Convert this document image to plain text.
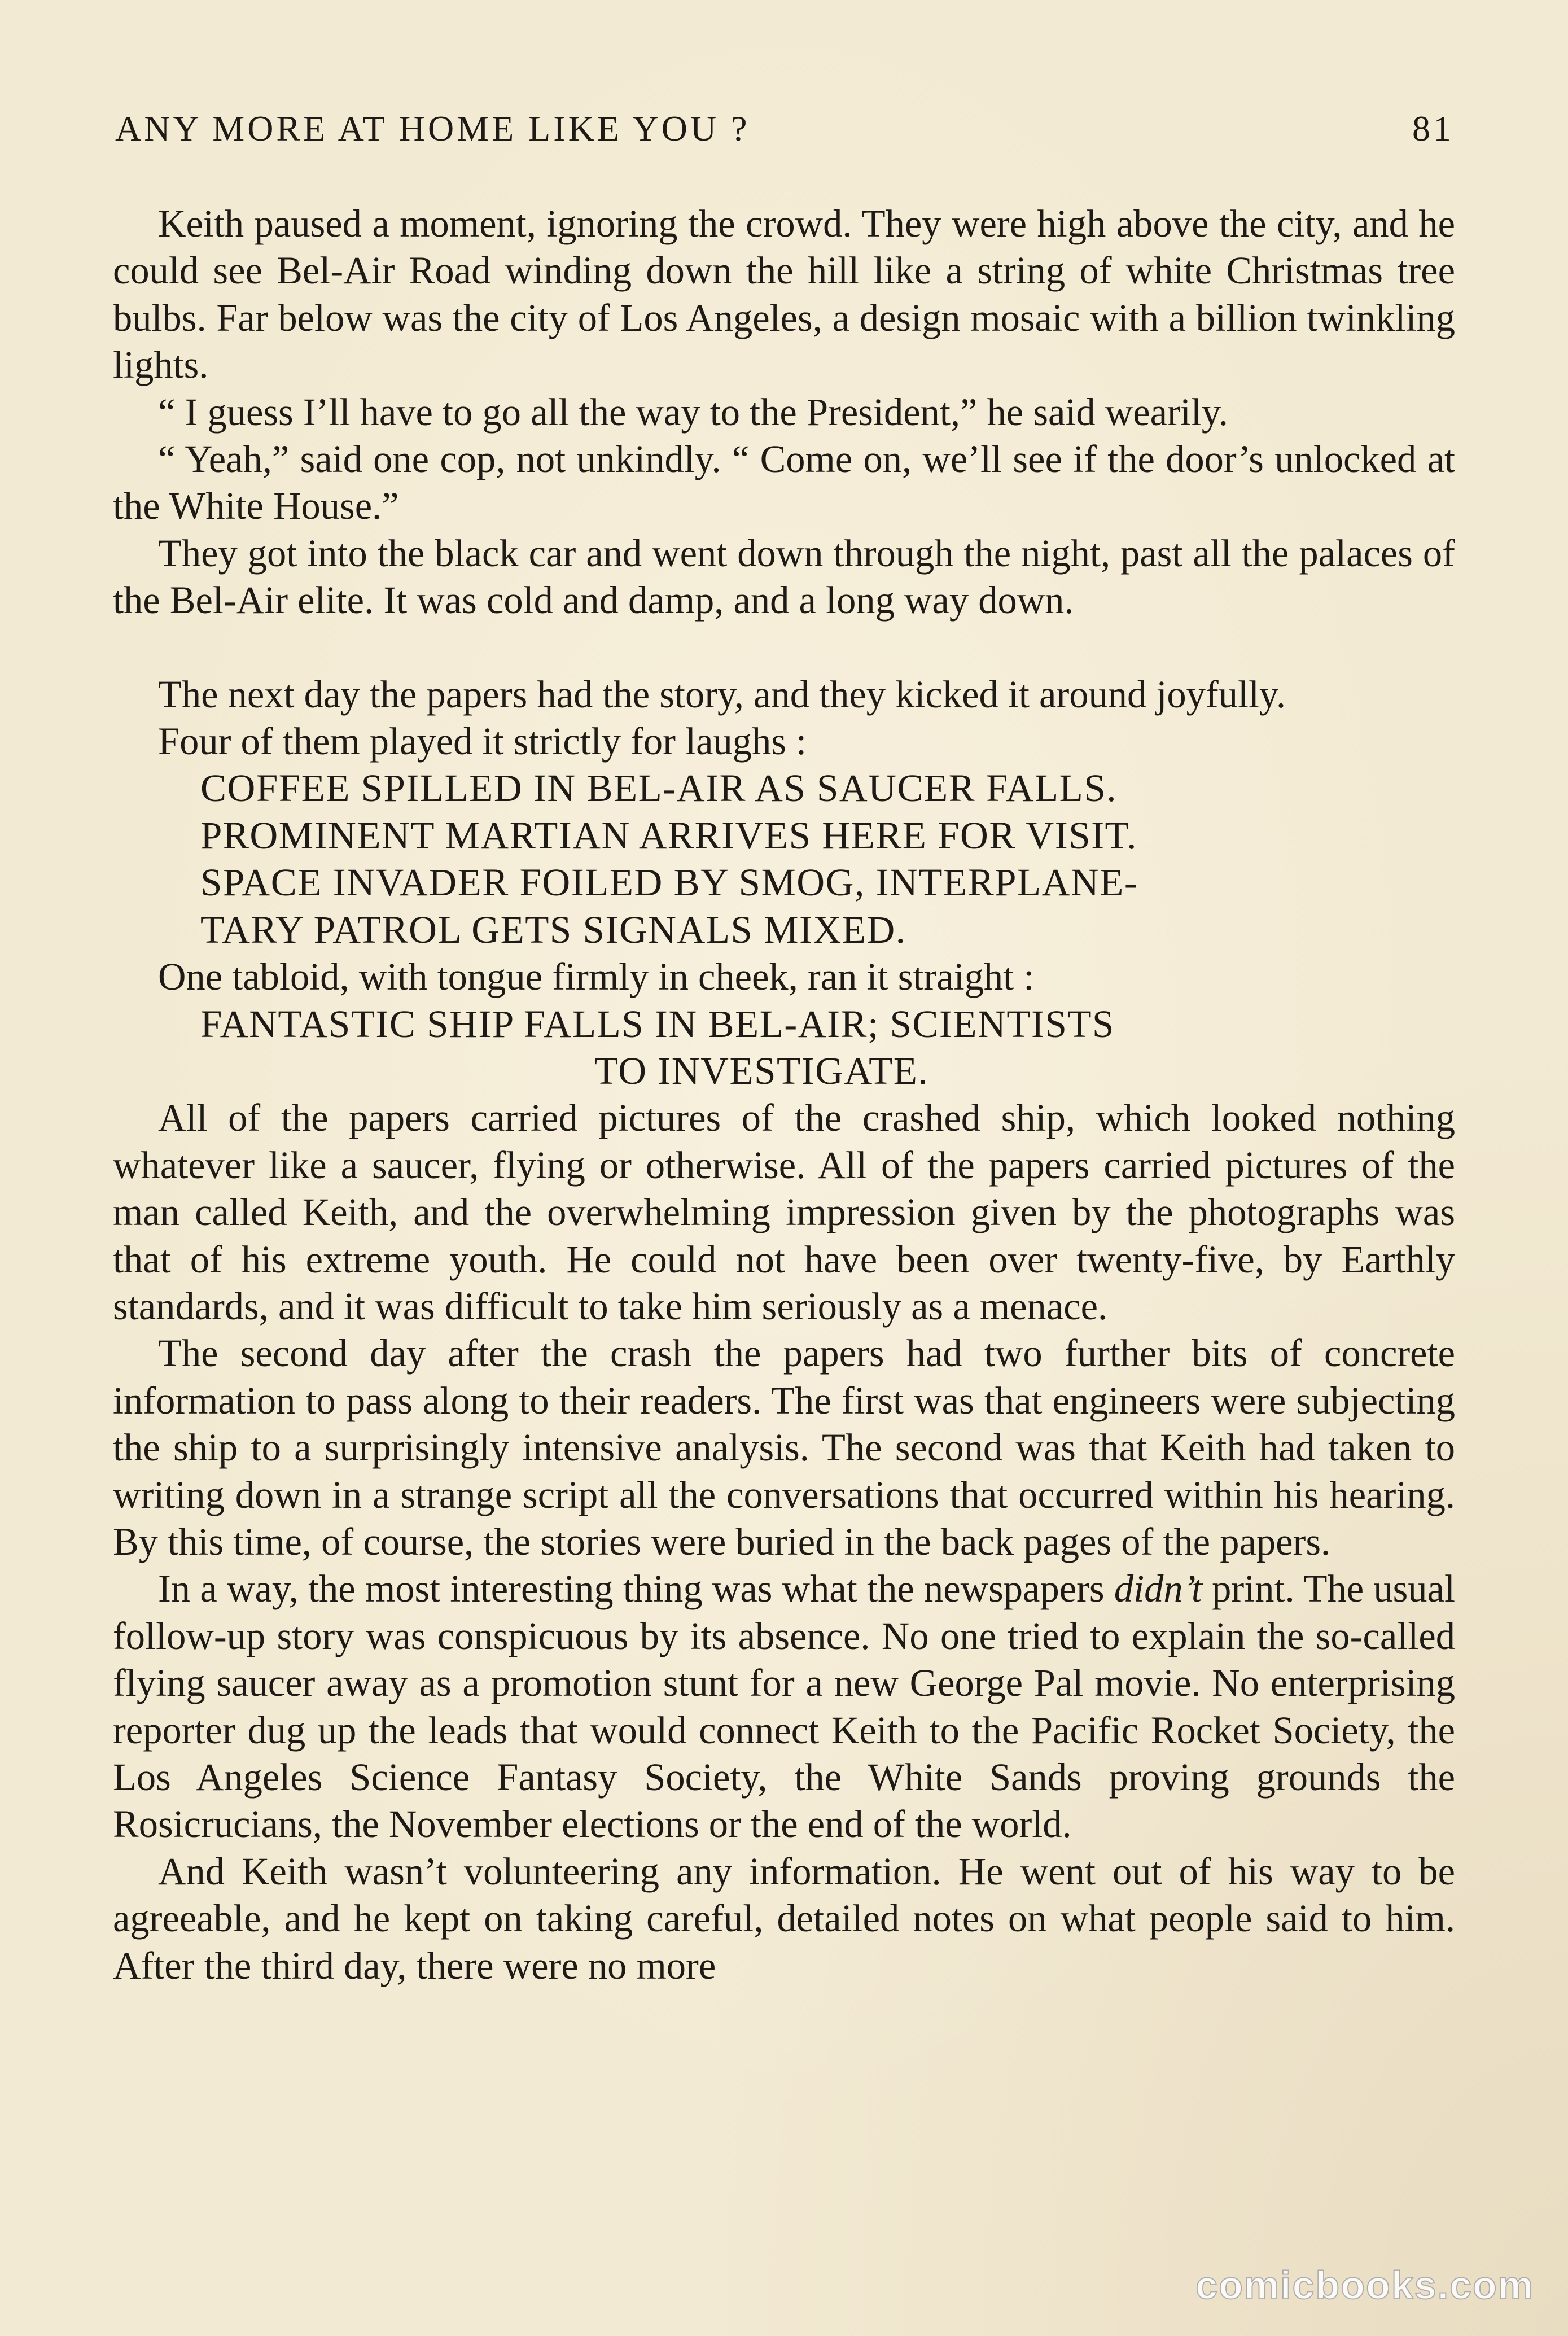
ANY MORE AT HOME LIKE YOU ?	81

Keith paused a moment, ignoring the crowd. They were high above the city, and he could see Bel-Air Road winding down the hill like a string of white Christmas tree bulbs. Far below was the city of Los Angeles, a design mosaic with a billion twinkling lights.

“ I guess I’ll have to go all the way to the President,” he said wearily.

“ Yeah,” said one cop, not unkindly. “ Come on, we’ll see if the door’s unlocked at the White House.”

They got into the black car and went down through the night, past all the palaces of the Bel-Air elite. It was cold and damp, and a long way down.

The next day the papers had the story, and they kicked it around joyfully.

Four of them played it strictly for laughs :

COFFEE SPILLED IN BEL-AIR AS SAUCER FALLS.

PROMINENT MARTIAN ARRIVES HERE FOR VISIT.

SPACE INVADER FOILED BY SMOG, INTERPLANE-

TARY PATROL GETS SIGNALS MIXED.

One tabloid, with tongue firmly in cheek, ran it straight :

FANTASTIC SHIP FALLS IN BEL-AIR; SCIENTISTS

TO INVESTIGATE.

All of the papers carried pictures of the crashed ship, which looked nothing whatever like a saucer, flying or otherwise. All of the papers carried pictures of the man called Keith, and the overwhelming impression given by the photographs was that of his extreme youth. He could not have been over twenty-five, by Earthly standards, and it was difficult to take him seriously as a menace.

The second day after the crash the papers had two further bits of concrete information to pass along to their readers. The first was that engineers were subjecting the ship to a surprisingly intensive analysis. The second was that Keith had taken to writing down in a strange script all the conversations that occurred within his hearing. By this time, of course, the stories were buried in the back pages of the papers.

In a way, the most interesting thing was what the newspapers didn’t print. The usual follow-up story was conspicuous by its absence. No one tried to explain the so-called flying saucer away as a promotion stunt for a new George Pal movie. No enterprising reporter dug up the leads that would connect Keith to the Pacific Rocket Society, the Los Angeles Science Fantasy Society, the White Sands proving grounds the Rosicrucians, the November elections or the end of the world.

And Keith wasn’t volunteering any information. He went out of his way to be agreeable, and he kept on taking careful, detailed notes on what people said to him. After the third day, there were no more

comicbooks.com
